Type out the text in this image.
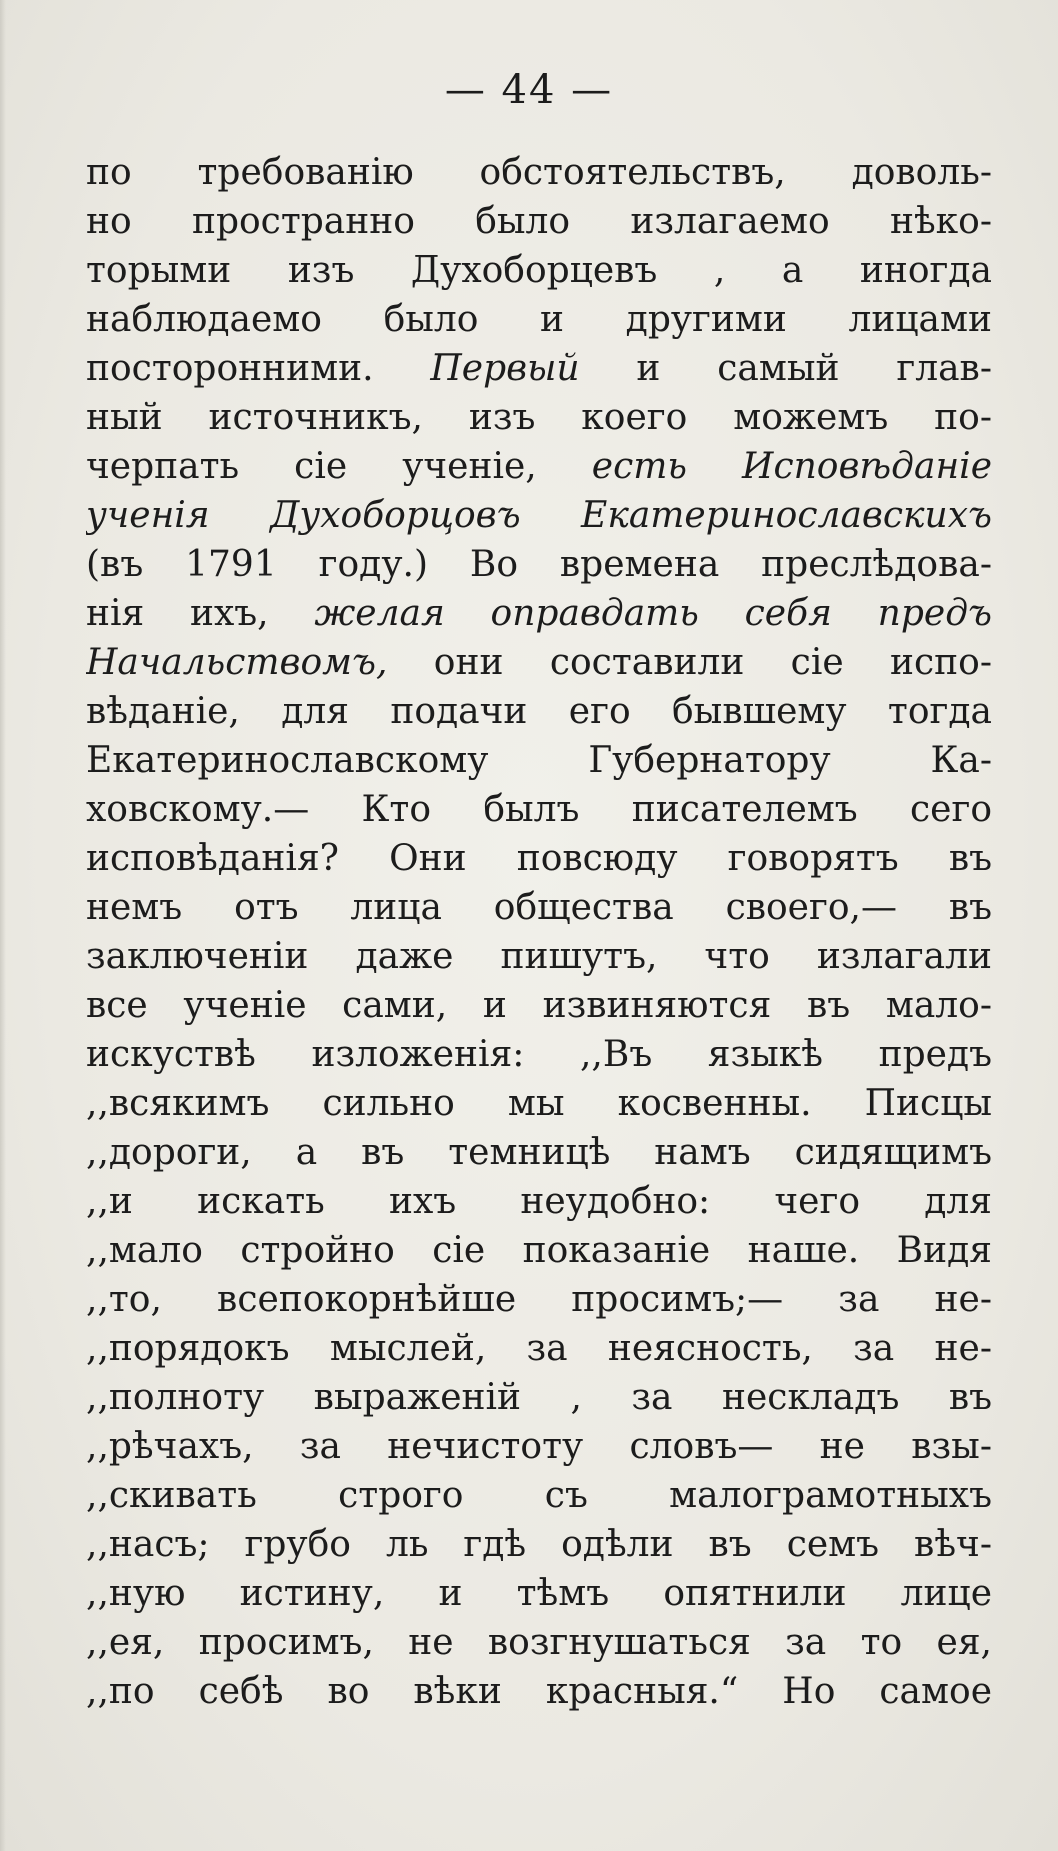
— 44 —
по требованію обстоятельствъ, доволь-
но пространно было излагаемо нѣко-
торыми изъ Духоборцевъ , а иногда
наблюдаемо было и другими лицами
посторонними. Первый и самый глав-
ный источникъ, изъ коего можемъ по-
черпать сіе ученіе, есть Исповѣданіе
ученія Духоборцовъ Екатеринославскихъ
(въ 1791 году.) Во времена преслѣдова-
нія ихъ, желая оправдать себя предъ
Начальствомъ, они составили сіе испо-
вѣданіе, для подачи его бывшему тогда
Екатеринославскому Губернатору Ка-
ховскому.— Кто былъ писателемъ сего
исповѣданія? Они повсюду говорятъ въ
немъ отъ лица общества своего,— въ
заключеніи даже пишутъ, что излагали
все ученіе сами, и извиняются въ мало-
искуствѣ изложенія: ,,Въ языкѣ предъ
,,всякимъ сильно мы косвенны. Писцы
,,дороги, а въ темницѣ намъ сидящимъ
,,и искать ихъ неудобно: чего для
,,мало стройно сіе показаніе наше. Видя
,,то, всепокорнѣйше просимъ;— за не-
,,порядокъ мыслей, за неясность, за не-
,,полноту выраженій , за нескладъ въ
,,рѣчахъ, за нечистоту словъ— не взы-
,,скивать строго съ малограмотныхъ
,,насъ; грубо ль гдѣ одѣли въ семъ вѣч-
,,ную истину, и тѣмъ опятнили лице
,,ея, просимъ, не возгнушаться за то ея,
,,по себѣ во вѣки красныя.“ Но самое
